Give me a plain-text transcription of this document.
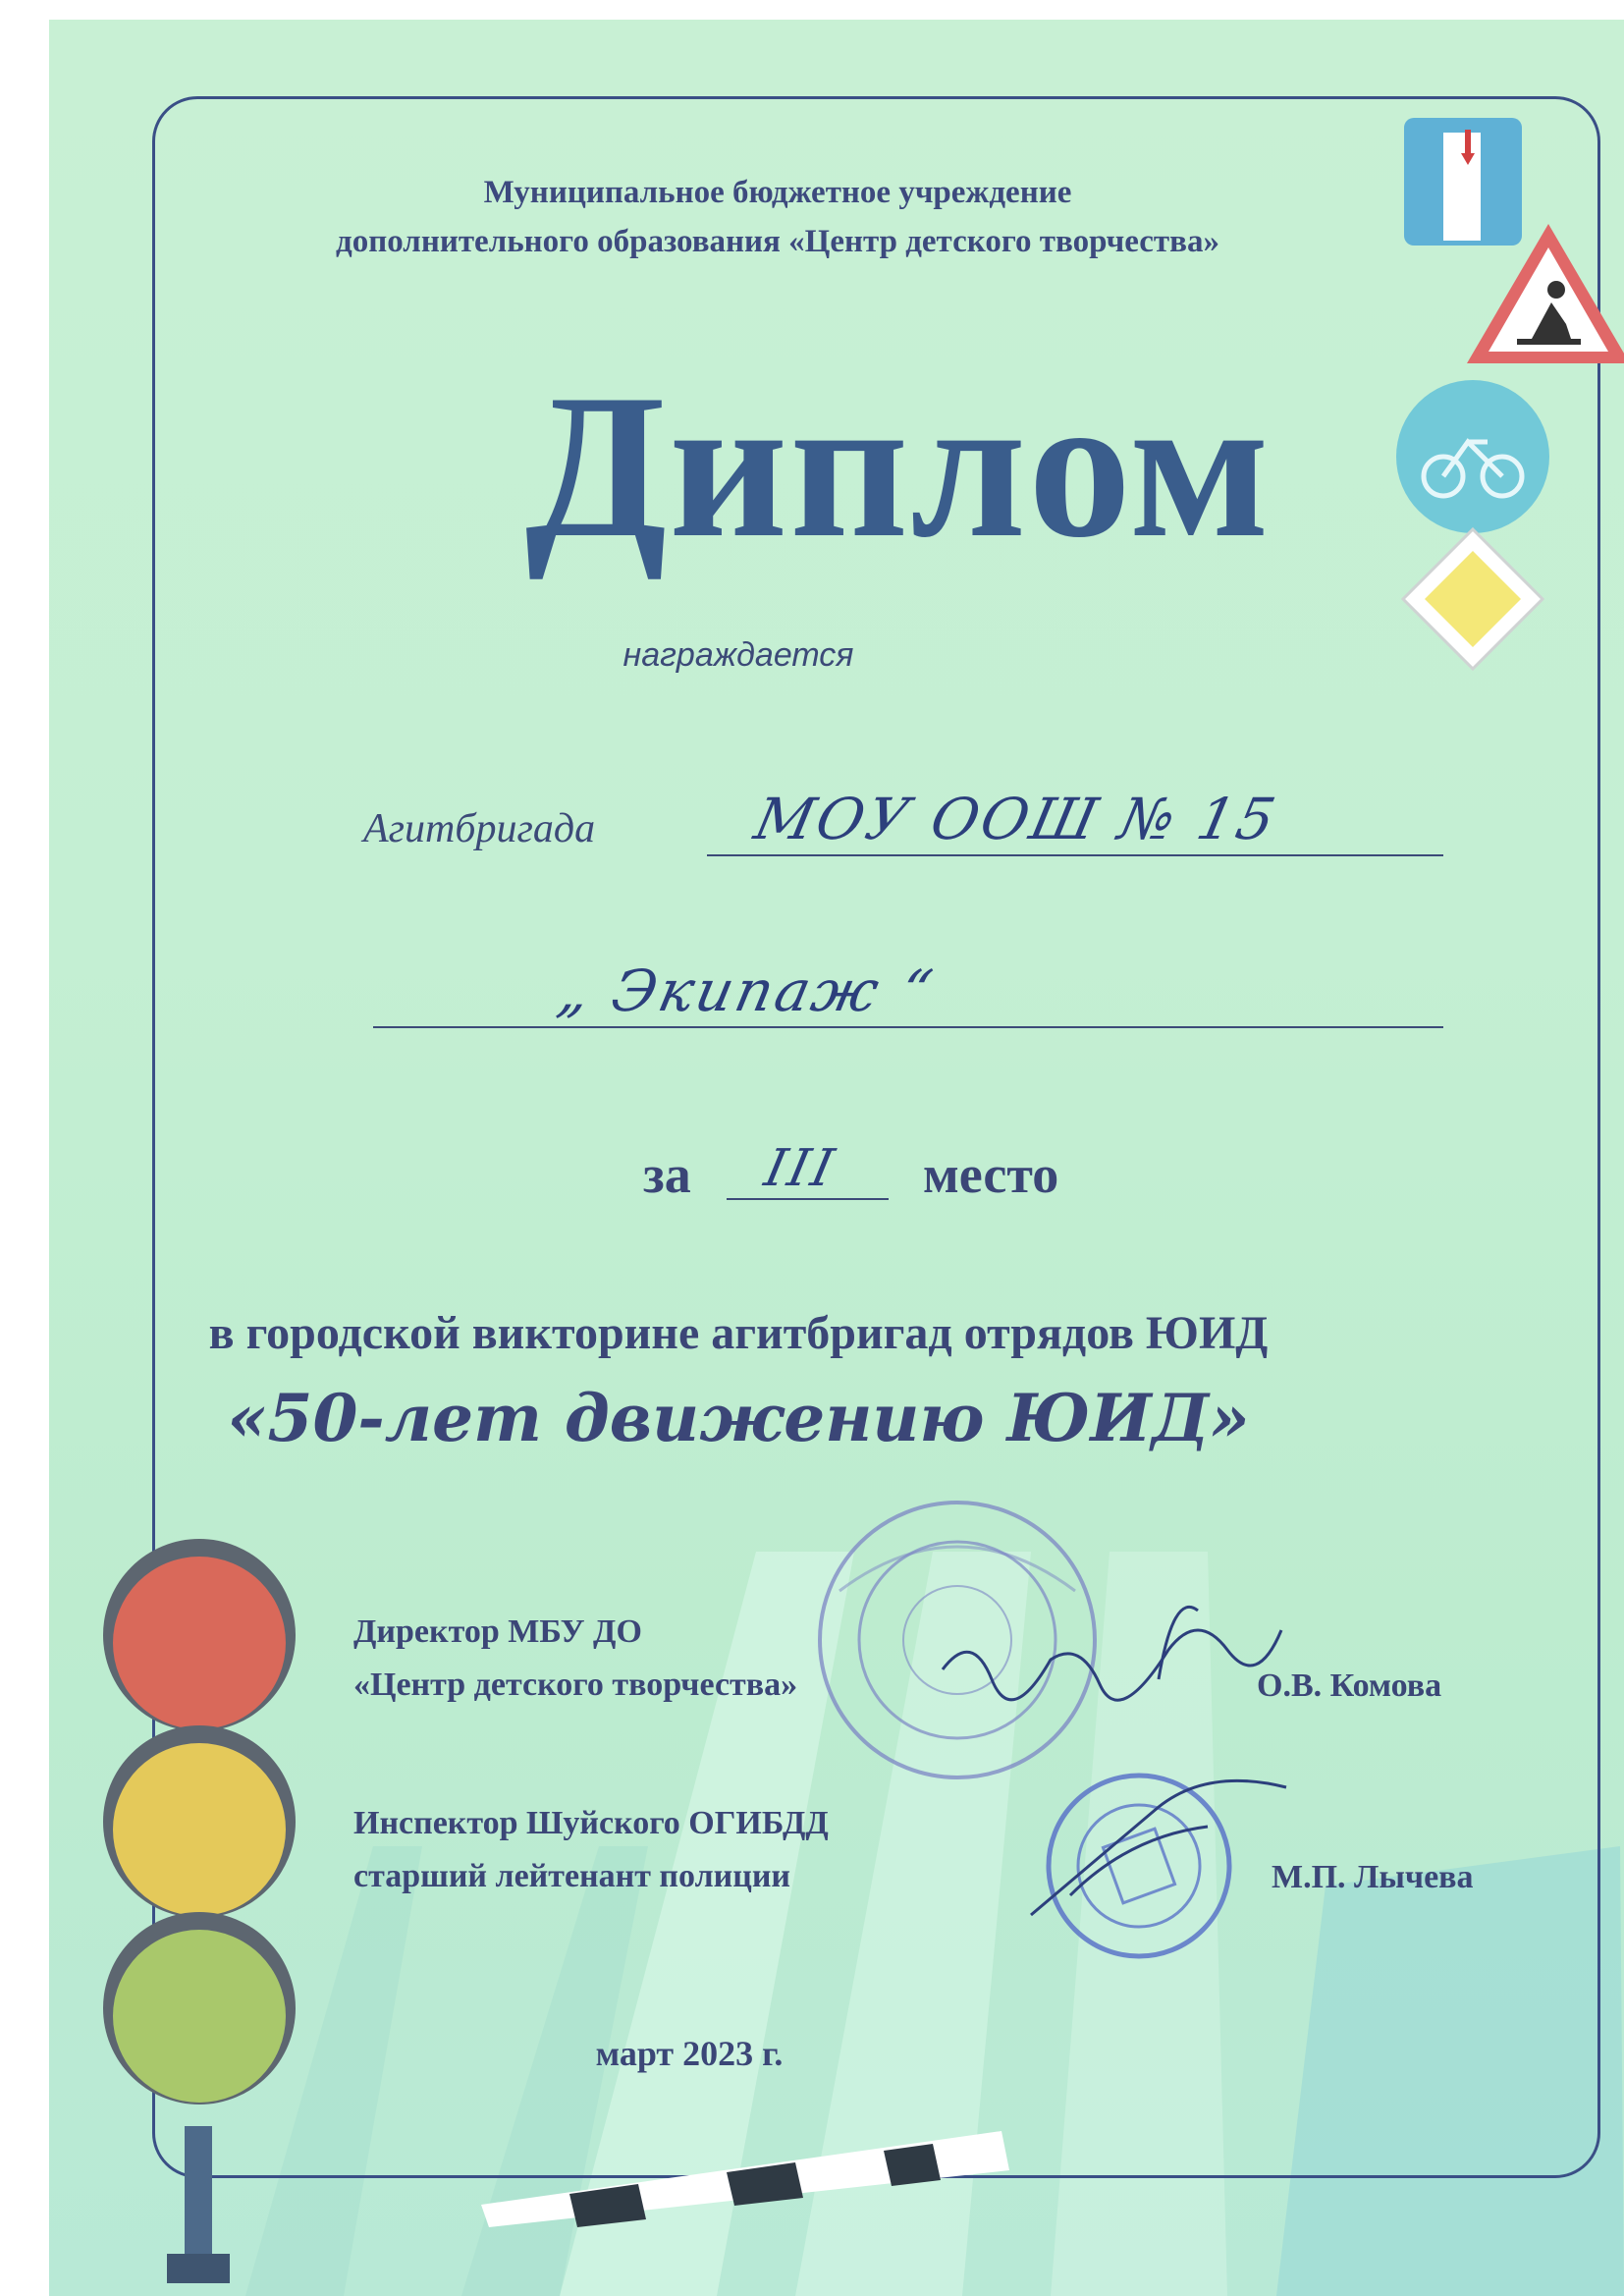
Муниципальное бюджетное учреждение
дополнительного образования «Центр детского творчества»
Диплом
награждается
Агитбригада	МОУ ООШ № 15
„ Экипаж “
за III место
в городской викторине агитбригад отрядов ЮИД
«50-лет движению ЮИД»
Директор МБУ ДО
«Центр детского творчества»	О.В. Комова
Инспектор Шуйского ОГИБДД
старший лейтенант полиции	М.П. Лычева
март 2023 г.
